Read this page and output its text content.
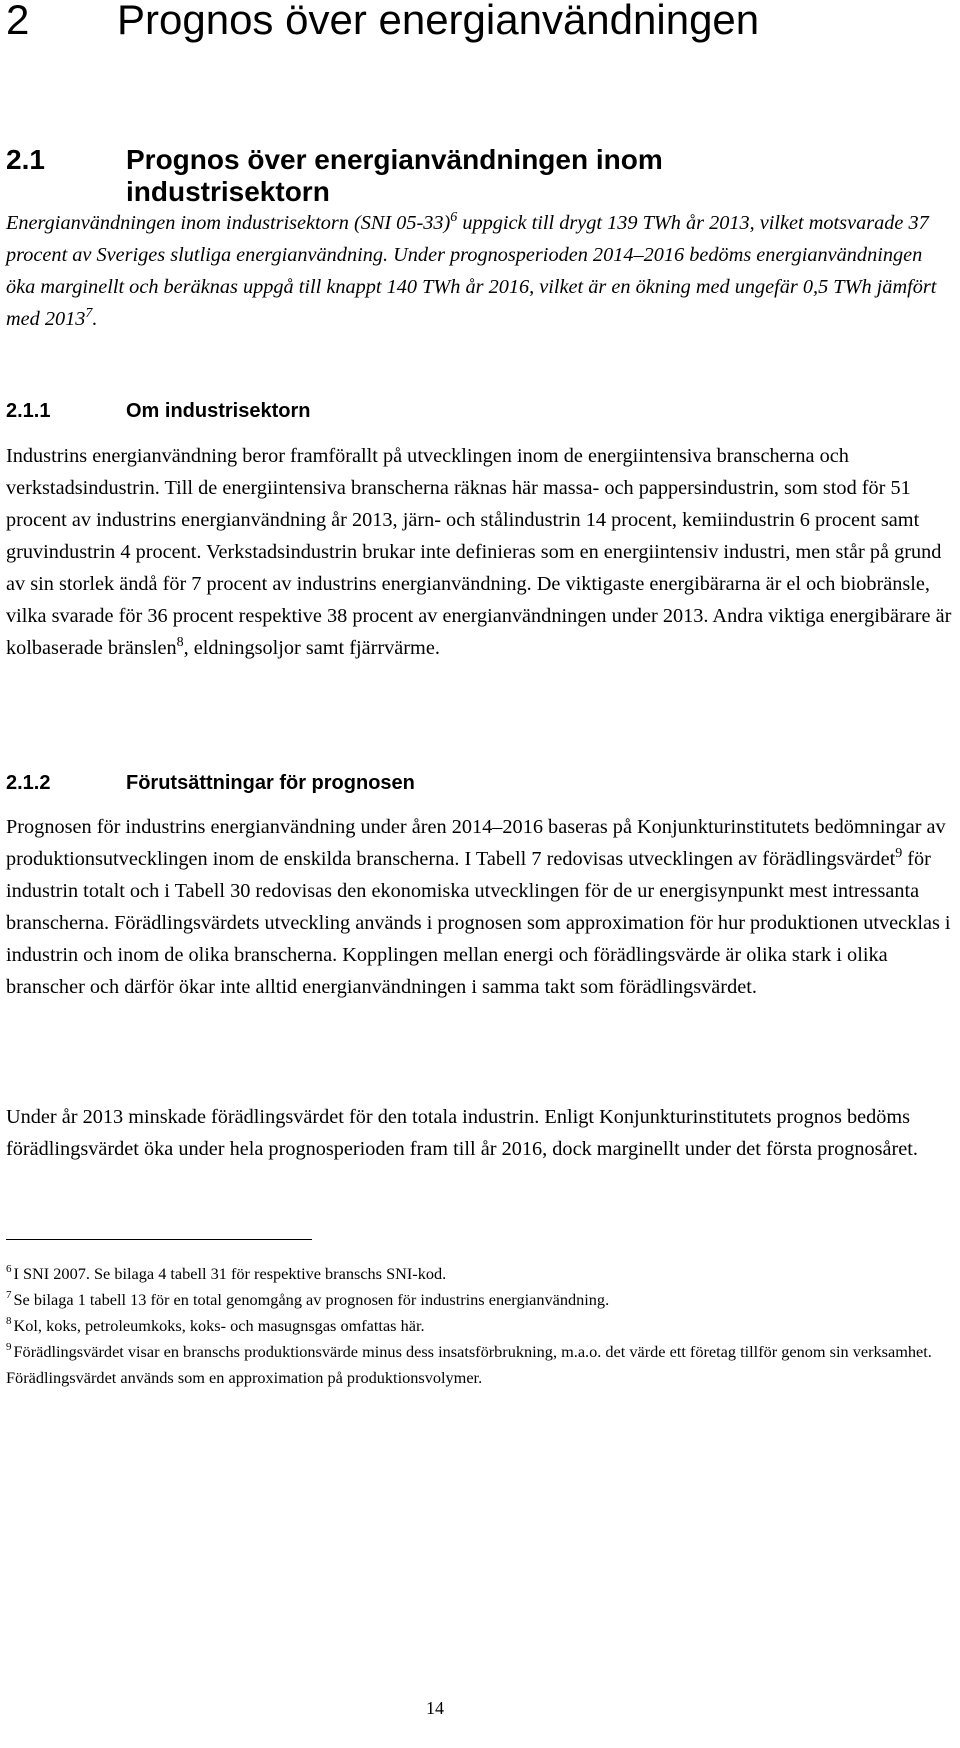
2 Prognos över energianvändningen
2.1	Prognos över energianvändningen inom industrisektorn

Energianvändningen inom industrisektorn (SNI 05-33)$^6$ uppgick till drygt 139 TWh år 2013, vilket motsvarade 37 procent av Sveriges slutliga energianvändning. Under prognosperioden 2014–2016 bedöms energianvändningen öka marginellt och beräknas uppgå till knappt 140 TWh år 2016, vilket är en ökning med ungefär 0,5 TWh jämfört med 2013$^7$.

2.1.1	Om industrisektorn

Industrins energianvändning beror framförallt på utvecklingen inom de energiintensiva branscherna och verkstadsindustrin. Till de energiintensiva branscherna räknas här massa- och pappersindustrin, som stod för 51 procent av industrins energianvändning år 2013, järn- och stålindustrin 14 procent, kemiindustrin 6 procent samt gruvindustrin 4 procent. Verkstadsindustrin brukar inte definieras som en energiintensiv industri, men står på grund av sin storlek ändå för 7 procent av industrins energianvändning. De viktigaste energibärarna är el och biobränsle, vilka svarade för 36 procent respektive 38 procent av energianvändningen under 2013. Andra viktiga energibärare är kolbaserade bränslen$^8$, eldningsoljor samt fjärrvärme.

2.1.2	Förutsättningar för prognosen

Prognosen för industrins energianvändning under åren 2014–2016 baseras på Konjunkturinstitutets bedömningar av produktionsutvecklingen inom de enskilda branscherna. I Tabell 7 redovisas utvecklingen av förädlingsvärdet$^9$ för industrin totalt och i Tabell 30 redovisas den ekonomiska utvecklingen för de ur energisynpunkt mest intressanta branscherna. Förädlingsvärdets utveckling används i prognosen som approximation för hur produktionen utvecklas i industrin och inom de olika branscherna. Kopplingen mellan energi och förädlingsvärde är olika stark i olika branscher och därför ökar inte alltid energianvändningen i samma takt som förädlingsvärdet.

Under år 2013 minskade förädlingsvärdet för den totala industrin. Enligt Konjunkturinstitutets prognos bedöms förädlingsvärdet öka under hela prognosperioden fram till år 2016, dock marginellt under det första prognosåret.

$^6$ I SNI 2007. Se bilaga 4 tabell 31 för respektive branschs SNI-kod.

$^7$ Se bilaga 1 tabell 13 för en total genomgång av prognosen för industrins energianvändning.

$^8$ Kol, koks, petroleumkoks, koks- och masugnsgas omfattas här.

$^9$ Förädlingsvärdet visar en branschs produktionsvärde minus dess insatsförbrukning, m.a.o. det värde ett företag tillför genom sin verksamhet. Förädlingsvärdet används som en approximation på produktionsvolymer.

14
